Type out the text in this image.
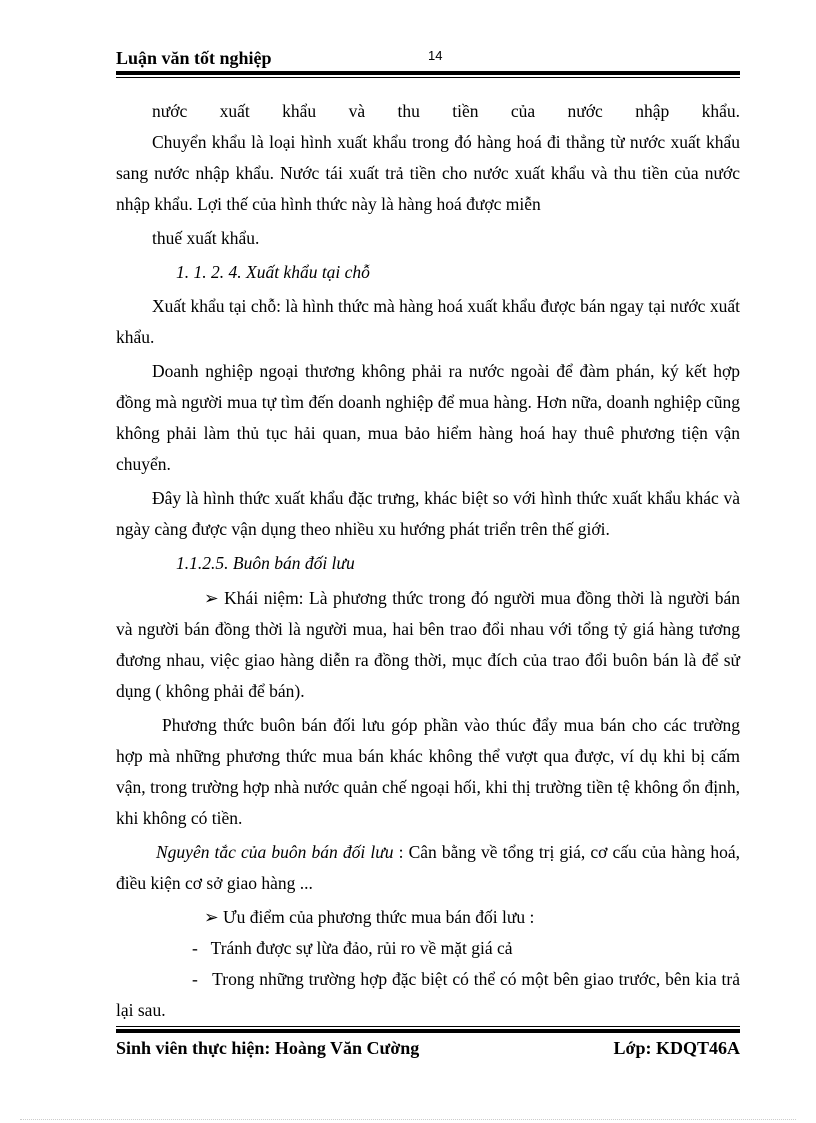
Luận văn tốt nghiệp	14

nước xuất khẩu và thu tiền của nước nhập khẩu.

Chuyển khẩu là loại hình xuất khẩu trong đó hàng hoá đi thẳng từ nước xuất khẩu sang nước nhập khẩu. Nước tái xuất trả tiền cho nước xuất khẩu và thu tiền của nước nhập khẩu. Lợi thế của hình thức này là hàng hoá được miễn

thuế xuất khẩu.

1. 1. 2. 4. Xuất khẩu tại chỗ

Xuất khẩu tại chỗ: là hình thức mà hàng hoá xuất khẩu được bán ngay tại nước xuất khẩu.

Doanh nghiệp ngoại thương không phải ra nước ngoài để đàm phán, ký kết hợp đồng mà người mua tự tìm đến doanh nghiệp để mua hàng. Hơn nữa, doanh nghiệp cũng không phải làm thủ tục hải quan, mua bảo hiểm hàng hoá hay thuê phương tiện vận chuyển.

Đây là hình thức xuất khẩu đặc trưng, khác biệt so với hình thức xuất khẩu khác và ngày càng được vận dụng theo nhiều xu hướng phát triển trên thế giới.

1.1.2.5. Buôn bán đối lưu

➢ Khái niệm: Là phương thức trong đó người mua đồng thời là người bán và người bán đồng thời là người mua, hai bên trao đổi nhau với tổng tỷ giá hàng tương đương nhau, việc giao hàng diễn ra đồng thời, mục đích của trao đổi buôn bán là để sử dụng ( không phải để bán).

Phương thức buôn bán đối lưu góp phần vào thúc đẩy mua bán cho các trường hợp mà những phương thức mua bán khác không thể vượt qua được, ví dụ khi bị cấm vận, trong trường hợp nhà nước quản chế ngoại hối, khi thị trường tiền tệ không ổn định, khi không có tiền.

Nguyên tắc của buôn bán đối lưu : Cân bằng về tổng trị giá, cơ cấu của hàng hoá, điều kiện cơ sở giao hàng ...

➢ Ưu điểm của phương thức mua bán đối lưu :

- Tránh được sự lừa đảo, rủi ro về mặt giá cả

- Trong những trường hợp đặc biệt có thể có một bên giao trước, bên kia trả lại sau.

Sinh viên thực hiện: Hoàng Văn Cường	Lớp: KDQT46A
